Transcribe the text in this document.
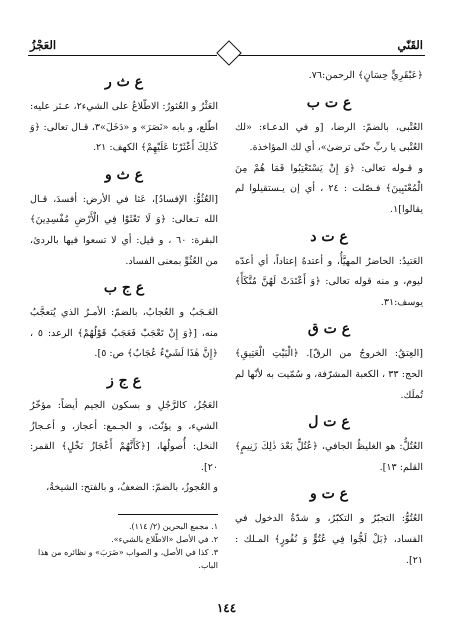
القَنّي
العَجْزُ

﴿عَبْقَرِيٍّ حِسَانٍ﴾ الرحمن:٧٦.

ع ت ب

العُتْبى، بالضمّ: الرضا، [و في الدعـاء: «لك العُتْبى يا ربِّ حتّى ترضىٰ»، أي لك المؤاخذة.

و قـوله تعالى: ﴿وَ إِنْ يَسْتَعْتِبُوا فَمَا هُمْ مِنَ الْمُعْتَبِينَ﴾ فـصّلت : ٢٤ ، أي إن يـستقيلوا لم يقالوا]١.

ع ت د

العَتيدُ: الحاضرُ المهيَّأُ، و أعتدهُ إعتاداً، أي أعدّه ليوم، و منه قوله تعالى: ﴿وَ أَعْتَدَتْ لَهُنَّ مُتَّكَأً﴾ يوسف:٣١.

ع ت ق

[العِتقُ: الخروجُ من الرقّ]. ﴿الْبَيْتِ الْعَتِيقِ﴾ الحج: ٣٣ ، الكعبة المشرّفة، و سُمّيت به لأنّها لم تُملَك.

ع ت ل

العُتُلُّ: هو الغليظُ الجافي، ﴿عُتُلٍّ بَعْدَ ذٰلِكَ زَنِيمٍ﴾ القلم: ١٣].

ع ت و

العُتُوُّ: التجبّرُ و التكبّرُ، و شدّةُ الدخول في الفساد، ﴿بَلْ لَجُّوا فِي عُتُوٍّ وَ نُفُورٍ﴾ المـلك : ٢١].

ع ث ر

العَثْرُ و العُثورُ: الاطّلاعُ على الشيء٢، عـثر عليه: اطّلع، و بابه «نَصَرَ» و «دَخَلَ»٣، قـال تعالى: ﴿وَ كَذٰلِكَ أَعْثَرْنَا عَلَيْهِمْ﴾ الكهف: ٢١.

ع ث و

[العُثُوُّ: الإفسادُ]، عَثا في الأرض: أفسدَ، قـال الله تـعالى: ﴿وَ لَا تَعْثَوْا فِي الْأَرْضِ مُفْسِدِينَ﴾ البقرة: ٦٠ ، و قيل: أي لا تسعوا فيها بالردئ، من العُثُوِّ بمعنى الفساد.

ع ج ب

العَـجَبُ و العُجابُ، بالضمّ: الأمـرُ الذي يُتعجَّبُ منه، [﴿وَ إِنْ تَعْجَبْ فَعَجَبٌ قَوْلُهُمْ﴾ الرعد: ٥ ، ﴿إِنَّ هٰذَا لَشَيْءٌ عُجَابٌ﴾ ص: ٥].

ع ج ز

العَجُزُ، كالرَّجُلِ و بسكون الجيم أيضاً: مؤخّرُ الشيء، و يؤنّث، و الجـمع: أعجاز، و أعـجازُ النخل: أُصولُها، [﴿كَأَنَّهُمْ أَعْجَازُ نَخْلٍ﴾ القمر: ٢٠].

و العُجوزُ، بالضمّ: الضعفُ، و بالفتح: الشيخةُ،

١. مجمع البحرين (٢/ ١١٤).

٢. في الأصل «الاطّلاع بالشيء».

٣. كذا في الأصل، و الصواب «ضَرَبَ» و نظائره من هذا الباب.

١٤٤
